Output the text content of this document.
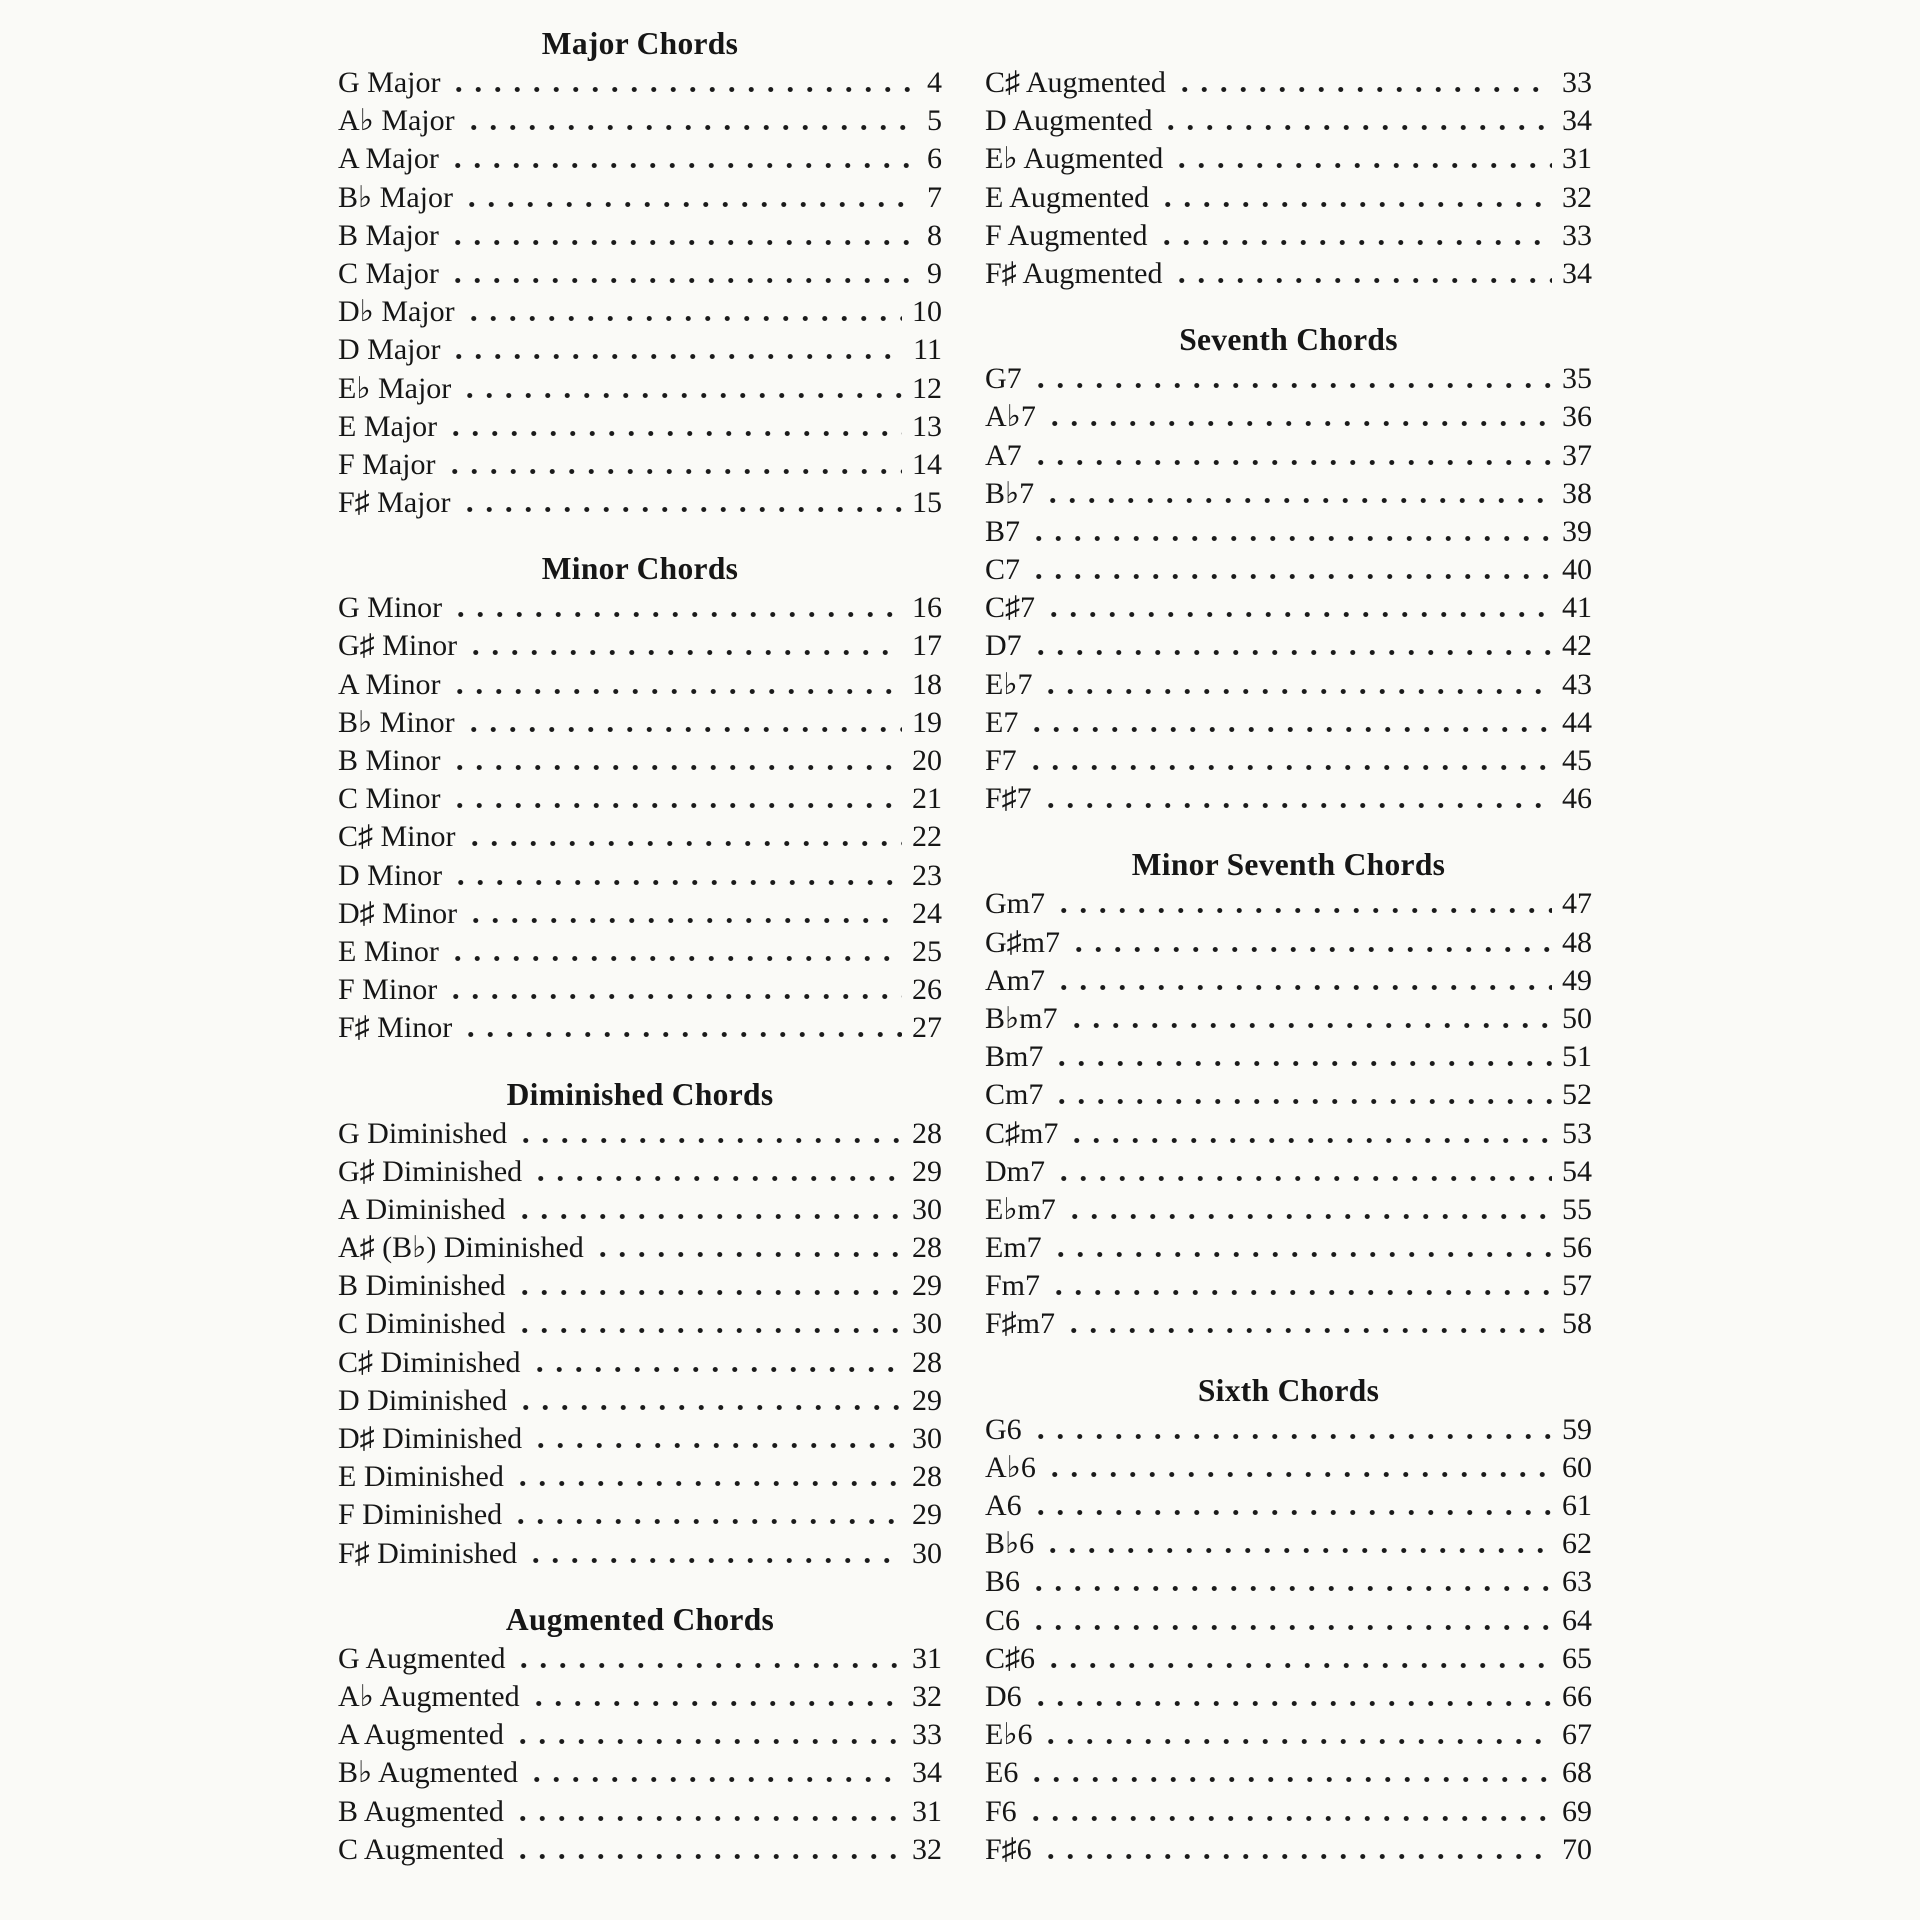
Major Chords
G Major	4
A♭ Major	5
A Major	6
B♭ Major	7
B Major	8
C Major	9
D♭ Major	10
D Major	11
E♭ Major	12
E Major	13
F Major	14
F♯ Major	15
Minor Chords
G Minor	16
G♯ Minor	17
A Minor	18
B♭ Minor	19
B Minor	20
C Minor	21
C♯ Minor	22
D Minor	23
D♯ Minor	24
E Minor	25
F Minor	26
F♯ Minor	27
Diminished Chords
G Diminished	28
G♯ Diminished	29
A Diminished	30
A♯ (B♭) Diminished	28
B Diminished	29
C Diminished	30
C♯ Diminished	28
D Diminished	29
D♯ Diminished	30
E Diminished	28
F Diminished	29
F♯ Diminished	30
Augmented Chords
G Augmented	31
A♭ Augmented	32
A Augmented	33
B♭ Augmented	34
B Augmented	31
C Augmented	32
C♯ Augmented	33
D Augmented	34
E♭ Augmented	31
E Augmented	32
F Augmented	33
F♯ Augmented	34
Seventh Chords
G7	35
A♭7	36
A7	37
B♭7	38
B7	39
C7	40
C♯7	41
D7	42
E♭7	43
E7	44
F7	45
F♯7	46
Minor Seventh Chords
Gm7	47
G♯m7	48
Am7	49
B♭m7	50
Bm7	51
Cm7	52
C♯m7	53
Dm7	54
E♭m7	55
Em7	56
Fm7	57
F♯m7	58
Sixth Chords
G6	59
A♭6	60
A6	61
B♭6	62
B6	63
C6	64
C♯6	65
D6	66
E♭6	67
E6	68
F6	69
F♯6	70
